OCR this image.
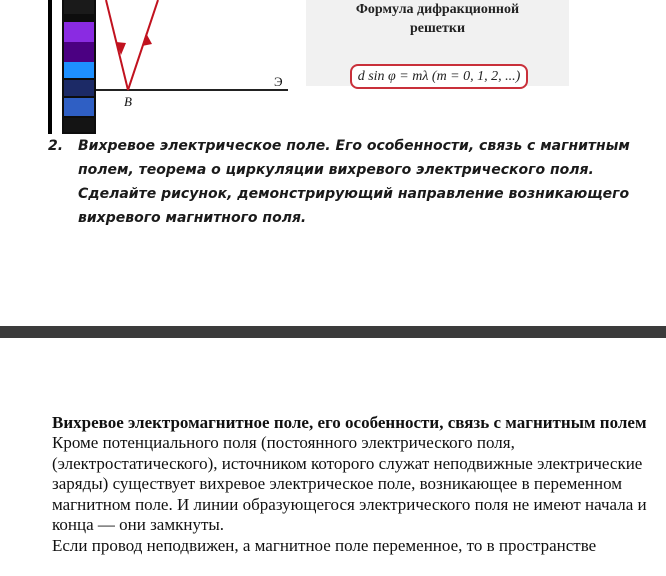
B
Э
Формула дифракционной
решетки
d sin φ = mλ (m = 0, 1, 2, ...)
2. Вихревое электрическое поле. Его особенности, связь с магнитным полем, теорема о циркуляции вихревого электрического поля. Сделайте рисунок, демонстрирующий направление возникающего вихревого магнитного поля.
Вихревое электромагнитное поле, его особенности, связь с магнитным полем

Кроме потенциального поля (постоянного электрического поля, (электростатического), источником которого служат неподвижные электрические заряды) существует вихревое электрическое поле, возникающее в переменном магнитном поле. И линии образующегося электрического поля не имеют начала и конца — они замкнуты.

Если провод неподвижен, а магнитное поле переменное, то в пространстве
